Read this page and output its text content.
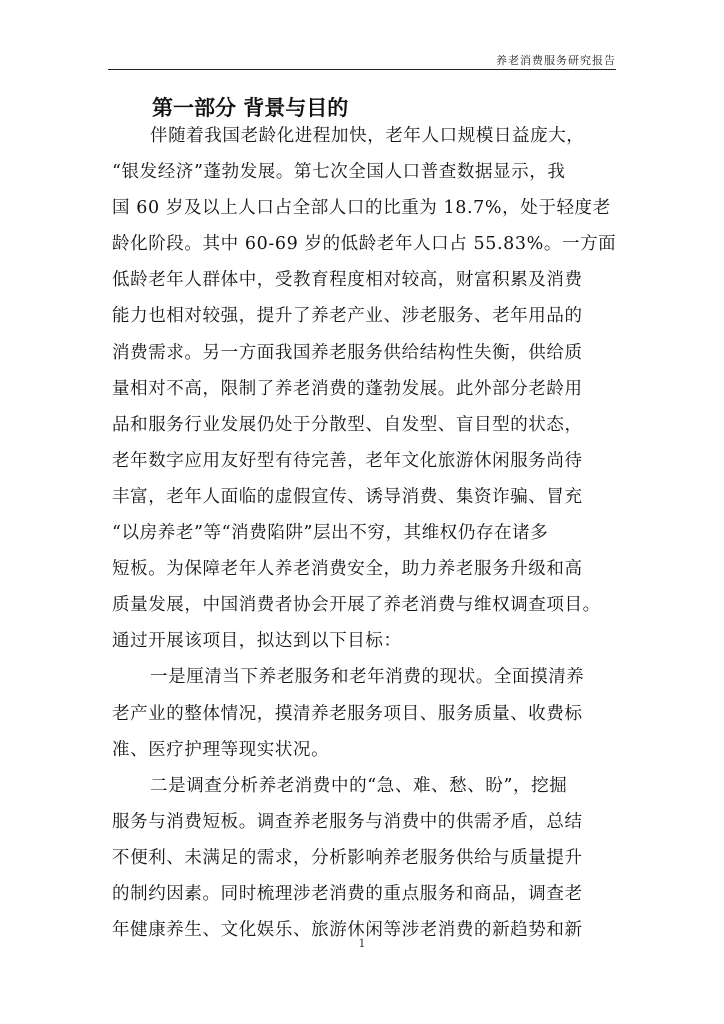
养老消费服务研究报告
第一部分 背景与目的
伴随着我国老龄化进程加快，老年人口规模日益庞大，
“银发经济”蓬勃发展。第七次全国人口普查数据显示，我
国 60 岁及以上人口占全部人口的比重为 18.7%，处于轻度老
龄化阶段。其中 60-69 岁的低龄老年人口占 55.83%。一方面
低龄老年人群体中，受教育程度相对较高，财富积累及消费
能力也相对较强，提升了养老产业、涉老服务、老年用品的
消费需求。另一方面我国养老服务供给结构性失衡，供给质
量相对不高，限制了养老消费的蓬勃发展。此外部分老龄用
品和服务行业发展仍处于分散型、自发型、盲目型的状态，
老年数字应用友好型有待完善，老年文化旅游休闲服务尚待
丰富，老年人面临的虚假宣传、诱导消费、集资诈骗、冒充
“以房养老”等“消费陷阱”层出不穷，其维权仍存在诸多
短板。为保障老年人养老消费安全，助力养老服务升级和高
质量发展，中国消费者协会开展了养老消费与维权调查项目。
通过开展该项目，拟达到以下目标：
一是厘清当下养老服务和老年消费的现状。全面摸清养
老产业的整体情况，摸清养老服务项目、服务质量、收费标
准、医疗护理等现实状况。
二是调查分析养老消费中的“急、难、愁、盼”，挖掘
服务与消费短板。调查养老服务与消费中的供需矛盾，总结
不便利、未满足的需求，分析影响养老服务供给与质量提升
的制约因素。同时梳理涉老消费的重点服务和商品，调查老
年健康养生、文化娱乐、旅游休闲等涉老消费的新趋势和新
1
